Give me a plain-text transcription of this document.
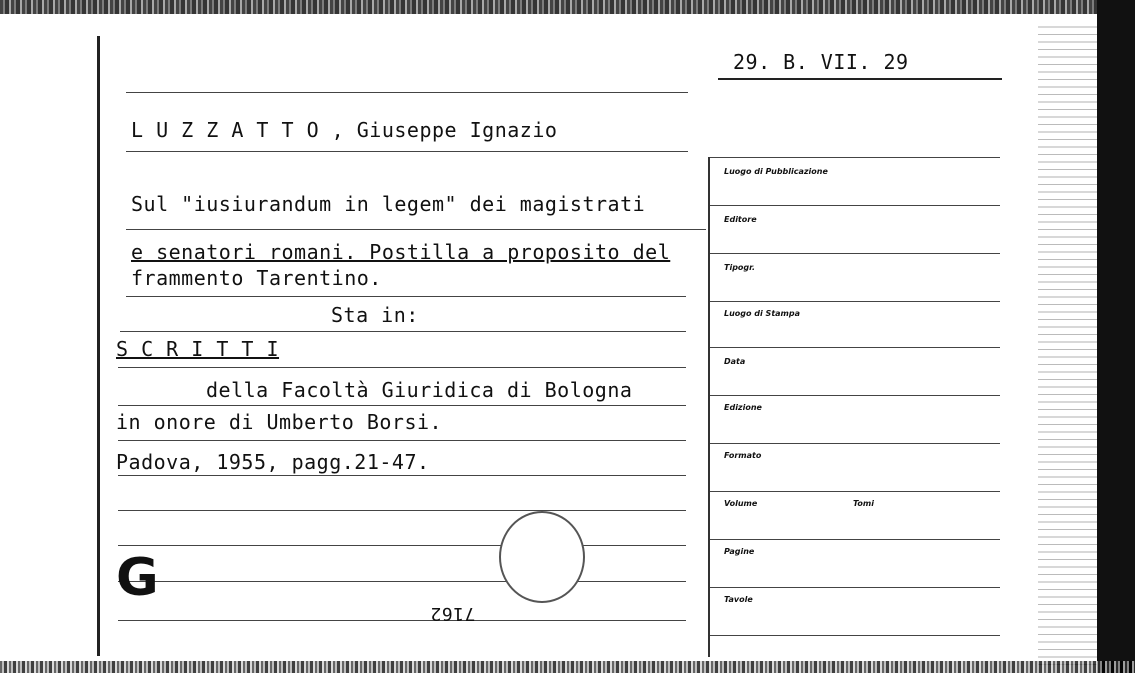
29. B. VII. 29
L U Z Z A T T O , Giuseppe Ignazio
Sul "iusiurandum in legem" dei magistrati
e senatori romani. Postilla a proposito del
frammento Tarentino.
Sta in:
S C R I T T I
della Facoltà Giuridica di Bologna
in onore di Umberto Borsi.
Padova, 1955, pagg.21-47.
G
7162
Luogo di Pubblicazione
Editore
Tipogr.
Luogo di Stampa
Data
Edizione
Formato
Volume	Tomi
Pagine
Tavole
